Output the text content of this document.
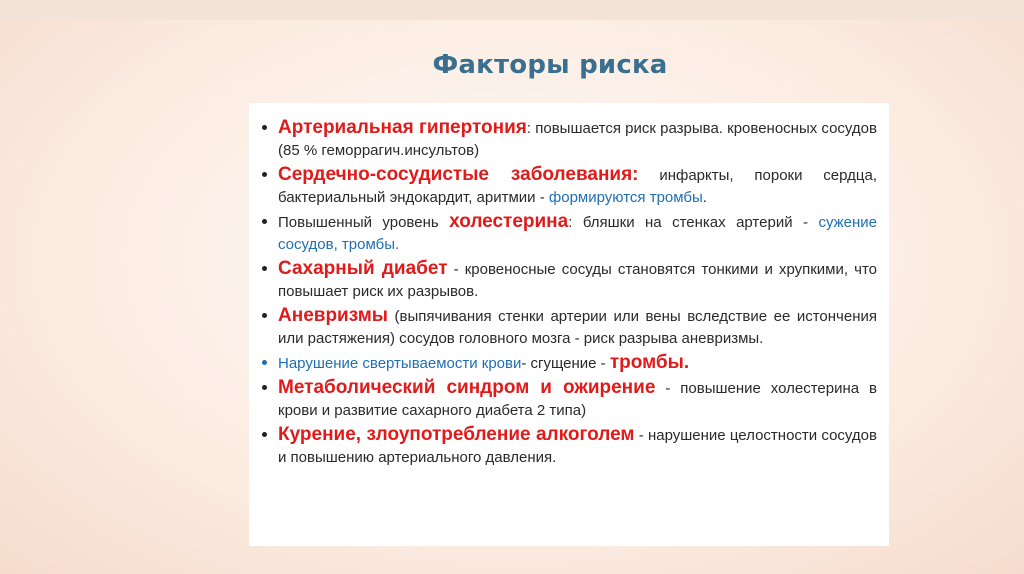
Факторы риска
Артериальная гипертония: повышается риск разрыва. кровеносных сосудов (85 % геморрагич.инсультов)
Сердечно-сосудистые заболевания: инфаркты, пороки сердца, бактериальный эндокардит, аритмии - формируются тромбы.
Повышенный уровень холестерина: бляшки на стенках артерий - сужение сосудов, тромбы.
Сахарный диабет - кровеносные сосуды становятся тонкими и хрупкими, что повышает риск их разрывов.
Аневризмы (выпячивания стенки артерии или вены вследствие ее истончения или растяжения) сосудов головного мозга - риск разрыва аневризмы.
Нарушение свертываемости крови- сгущение - тромбы.
Метаболический синдром и ожирение - повышение холестерина в крови и развитие сахарного диабета 2 типа)
Курение, злоупотребление алкоголем - нарушение целостности сосудов и повышению артериального давления.
